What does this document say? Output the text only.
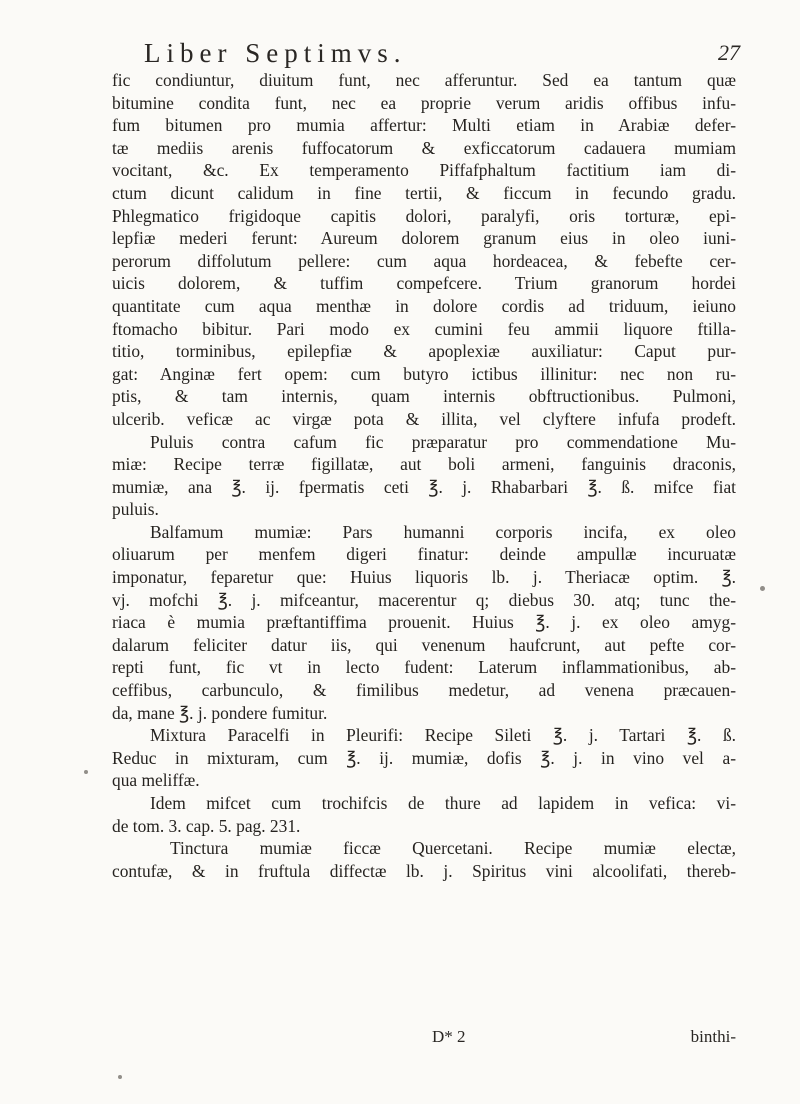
Liber Septimvs.	27
fic condiuntur, diuitum funt, nec afferuntur. Sed ea tantum quæ
bitumine condita funt, nec ea proprie verum aridis offibus infu-
fum bitumen pro mumia affertur: Multi etiam in Arabiæ defer-
tæ mediis arenis fuffocatorum & exficcatorum cadauera mumiam
vocitant, &c. Ex temperamento Piffafphaltum factitium iam di-
ctum dicunt calidum in fine tertii, & ficcum in fecundo gradu.
Phlegmatico frigidoque capitis dolori, paralyfi, oris torturæ, epi-
lepfiæ mederi ferunt: Aureum dolorem granum eius in oleo iuni-
perorum diffolutum pellere: cum aqua hordeacea, & febefte cer-
uicis dolorem, & tuffim compefcere. Trium granorum hordei
quantitate cum aqua menthæ in dolore cordis ad triduum, ieiuno
ftomacho bibitur. Pari modo ex cumini feu ammii liquore ftilla-
titio, torminibus, epilepfiæ & apoplexiæ auxiliatur: Caput pur-
gat: Anginæ fert opem: cum butyro ictibus illinitur: nec non ru-
ptis, & tam internis, quam internis obftructionibus. Pulmoni,
ulcerib. veficæ ac virgæ pota & illita, vel clyftere infufa prodeft.
Puluis contra cafum fic præparatur pro commendatione Mu-
miæ: Recipe terræ figillatæ, aut boli armeni, fanguinis draconis,
mumiæ, ana ℥. ij. fpermatis ceti ℥. j. Rhabarbari ℥. ß. mifce fiat
puluis.
Balfamum mumiæ: Pars humanni corporis incifa, ex oleo
oliuarum per menfem digeri finatur: deinde ampullæ incuruatæ
imponatur, feparetur que: Huius liquoris lb. j. Theriacæ optim. ℥.
vj. mofchi ℥. j. mifceantur, macerentur q; diebus 30. atq; tunc the-
riaca è mumia præftantiffima prouenit. Huius ℥. j. ex oleo amyg-
dalarum feliciter datur iis, qui venenum haufcrunt, aut pefte cor-
repti funt, fic vt in lecto fudent: Laterum inflammationibus, ab-
ceffibus, carbunculo, & fimilibus medetur, ad venena præcauen-
da, mane ℥. j. pondere fumitur.
Mixtura Paracelfi in Pleurifi: Recipe Sileti ℥. j. Tartari ℥. ß.
Reduc in mixturam, cum ℥. ij. mumiæ, dofis ℥. j. in vino vel a-
qua meliffæ.
Idem mifcet cum trochifcis de thure ad lapidem in vefica: vi-
de tom. 3. cap. 5. pag. 231.
Tinctura mumiæ ficcæ Quercetani. Recipe mumiæ electæ,
contufæ, & in fruftula diffectæ lb. j. Spiritus vini alcoolifati, thereb-
D* 2	binthi-
